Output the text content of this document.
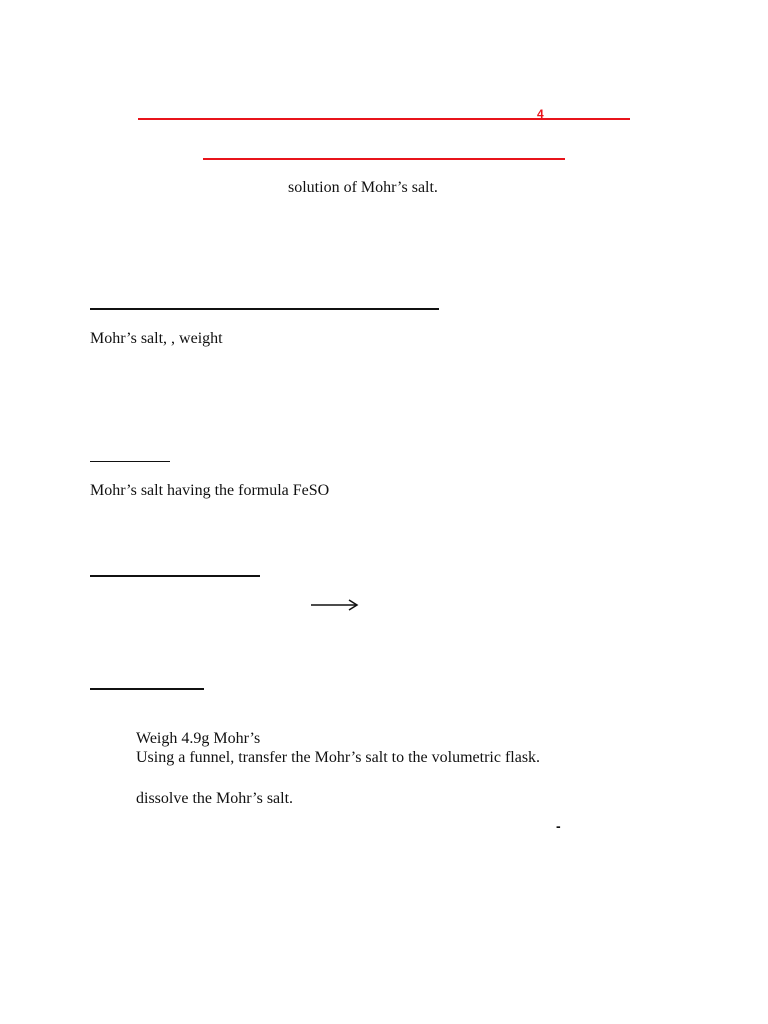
4
solution of Mohr’s salt.
Mohr’s salt, , weight
Mohr’s salt having the formula FeSO
Weigh 4.9g Mohr’s
Using a funnel, transfer the Mohr’s salt to the volumetric flask.
dissolve the Mohr’s salt.
-
